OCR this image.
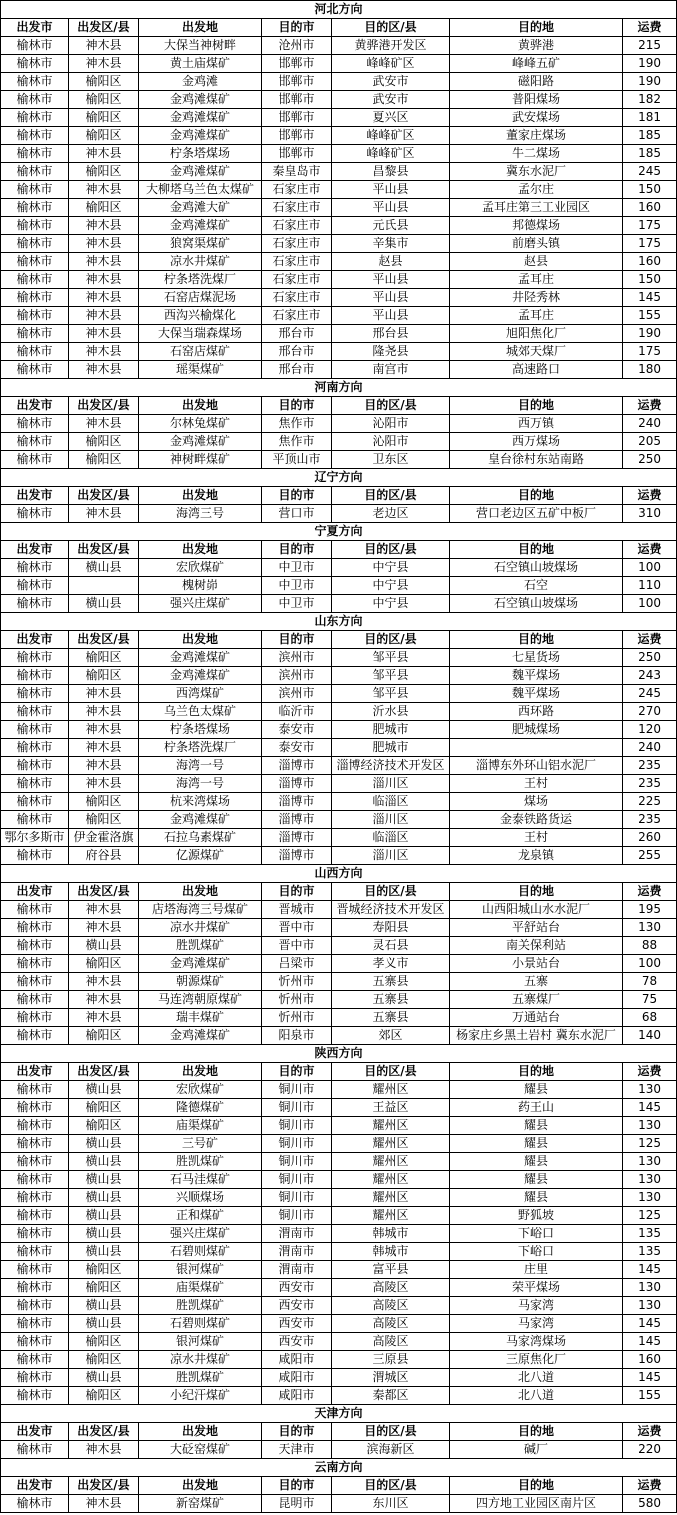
河北方向						
出发市	出发区/县	出发地	目的市	目的区/县	目的地	运费
榆林市	神木县	大保当神树畔	沧州市	黄骅港开发区	黄骅港	215
榆林市	神木县	黄土庙煤矿	邯郸市	峰峰矿区	峰峰五矿	190
榆林市	榆阳区	金鸡滩	邯郸市	武安市	磁阳路	190
榆林市	榆阳区	金鸡滩煤矿	邯郸市	武安市	普阳煤场	182
榆林市	榆阳区	金鸡滩煤矿	邯郸市	夏兴区	武安煤场	181
榆林市	榆阳区	金鸡滩煤矿	邯郸市	峰峰矿区	董家庄煤场	185
榆林市	神木县	柠条塔煤场	邯郸市	峰峰矿区	牛二煤场	185
榆林市	榆阳区	金鸡滩煤矿	秦皇岛市	昌黎县	冀东水泥厂	245
榆林市	神木县	大柳塔乌兰色太煤矿	石家庄市	平山县	孟尔庄	150
榆林市	榆阳区	金鸡滩大矿	石家庄市	平山县	孟耳庄第三工业园区	160
榆林市	神木县	金鸡滩煤矿	石家庄市	元氏县	邦德煤场	175
榆林市	神木县	狼窝渠煤矿	石家庄市	辛集市	前磨头镇	175
榆林市	神木县	凉水井煤矿	石家庄市	赵县	赵县	160
榆林市	神木县	柠条塔洗煤厂	石家庄市	平山县	孟耳庄	150
榆林市	神木县	石窑店煤泥场	石家庄市	平山县	井陉秀林	145
榆林市	神木县	西沟兴榆煤化	石家庄市	平山县	孟耳庄	155
榆林市	神木县	大保当瑞森煤场	邢台市	邢台县	旭阳焦化厂	190
榆林市	神木县	石窑店煤矿	邢台市	隆尧县	城郊天煤厂	175
榆林市	神木县	瑶渠煤矿	邢台市	南宫市	高速路口	180
河南方向						
出发市	出发区/县	出发地	目的市	目的区/县	目的地	运费
榆林市	神木县	尔林兔煤矿	焦作市	沁阳市	西万镇	240
榆林市	榆阳区	金鸡滩煤矿	焦作市	沁阳市	西万煤场	205
榆林市	榆阳区	神树畔煤矿	平顶山市	卫东区	皇台徐村东站南路	250
辽宁方向						
出发市	出发区/县	出发地	目的市	目的区/县	目的地	运费
榆林市	神木县	海湾三号	营口市	老边区	营口老边区五矿中板厂	310
宁夏方向						
出发市	出发区/县	出发地	目的市	目的区/县	目的地	运费
榆林市	横山县	宏欣煤矿	中卫市	中宁县	石空镇山坡煤场	100
榆林市		槐树峁	中卫市	中宁县	石空	110
榆林市	横山县	强兴庄煤矿	中卫市	中宁县	石空镇山坡煤场	100
山东方向						
出发市	出发区/县	出发地	目的市	目的区/县	目的地	运费
榆林市	榆阳区	金鸡滩煤矿	滨州市	邹平县	七星货场	250
榆林市	榆阳区	金鸡滩煤矿	滨州市	邹平县	魏平煤场	243
榆林市	神木县	西湾煤矿	滨州市	邹平县	魏平煤场	245
榆林市	神木县	乌兰色太煤矿	临沂市	沂水县	西环路	270
榆林市	神木县	柠条塔煤场	泰安市	肥城市	肥城煤场	120
榆林市	神木县	柠条塔洗煤厂	泰安市	肥城市		240
榆林市	神木县	海湾一号	淄博市	淄博经济技术开发区	淄博东外环山铝水泥厂	235
榆林市	神木县	海湾一号	淄博市	淄川区	王村	235
榆林市	榆阳区	杭来湾煤场	淄博市	临淄区	煤场	225
榆林市	榆阳区	金鸡滩煤矿	淄博市	淄川区	金泰铁路货运	235
鄂尔多斯市	伊金霍洛旗	石拉乌素煤矿	淄博市	临淄区	王村	260
榆林市	府谷县	亿源煤矿	淄博市	淄川区	龙泉镇	255
山西方向						
出发市	出发区/县	出发地	目的市	目的区/县	目的地	运费
榆林市	神木县	店塔海湾三号煤矿	晋城市	晋城经济技术开发区	山西阳城山水水泥厂	195
榆林市	神木县	凉水井煤矿	晋中市	寿阳县	平舒站台	130
榆林市	横山县	胜凯煤矿	晋中市	灵石县	南关保利站	88
榆林市	榆阳区	金鸡滩煤矿	吕梁市	孝义市	小景站台	100
榆林市	神木县	朝源煤矿	忻州市	五寨县	五寨	78
榆林市	神木县	马连湾朝原煤矿	忻州市	五寨县	五寨煤厂	75
榆林市	神木县	瑞丰煤矿	忻州市	五寨县	万通站台	68
榆林市	榆阳区	金鸡滩煤矿	阳泉市	郊区	杨家庄乡黑土岩村 冀东水泥厂	140
陕西方向						
出发市	出发区/县	出发地	目的市	目的区/县	目的地	运费
榆林市	横山县	宏欣煤矿	铜川市	耀州区	耀县	130
榆林市	榆阳区	隆德煤矿	铜川市	王益区	药王山	145
榆林市	榆阳区	庙渠煤矿	铜川市	耀州区	耀县	130
榆林市	横山县	三号矿	铜川市	耀州区	耀县	125
榆林市	横山县	胜凯煤矿	铜川市	耀州区	耀县	130
榆林市	横山县	石马洼煤矿	铜川市	耀州区	耀县	130
榆林市	横山县	兴顺煤场	铜川市	耀州区	耀县	130
榆林市	横山县	正和煤矿	铜川市	耀州区	野狐坡	125
榆林市	横山县	强兴庄煤矿	渭南市	韩城市	下峪口	135
榆林市	横山县	石碧则煤矿	渭南市	韩城市	下峪口	135
榆林市	榆阳区	银河煤矿	渭南市	富平县	庄里	145
榆林市	榆阳区	庙渠煤矿	西安市	高陵区	荣平煤场	130
榆林市	横山县	胜凯煤矿	西安市	高陵区	马家湾	130
榆林市	横山县	石碧则煤矿	西安市	高陵区	马家湾	145
榆林市	榆阳区	银河煤矿	西安市	高陵区	马家湾煤场	145
榆林市	榆阳区	凉水井煤矿	咸阳市	三原县	三原焦化厂	160
榆林市	横山县	胜凯煤矿	咸阳市	渭城区	北八道	145
榆林市	榆阳区	小纪汗煤矿	咸阳市	秦都区	北八道	155
天津方向						
出发市	出发区/县	出发地	目的市	目的区/县	目的地	运费
榆林市	神木县	大砭窑煤矿	天津市	滨海新区	碱厂	220
云南方向						
出发市	出发区/县	出发地	目的市	目的区/县	目的地	运费
榆林市	神木县	新窑煤矿	昆明市	东川区	四方地工业园区南片区	580
